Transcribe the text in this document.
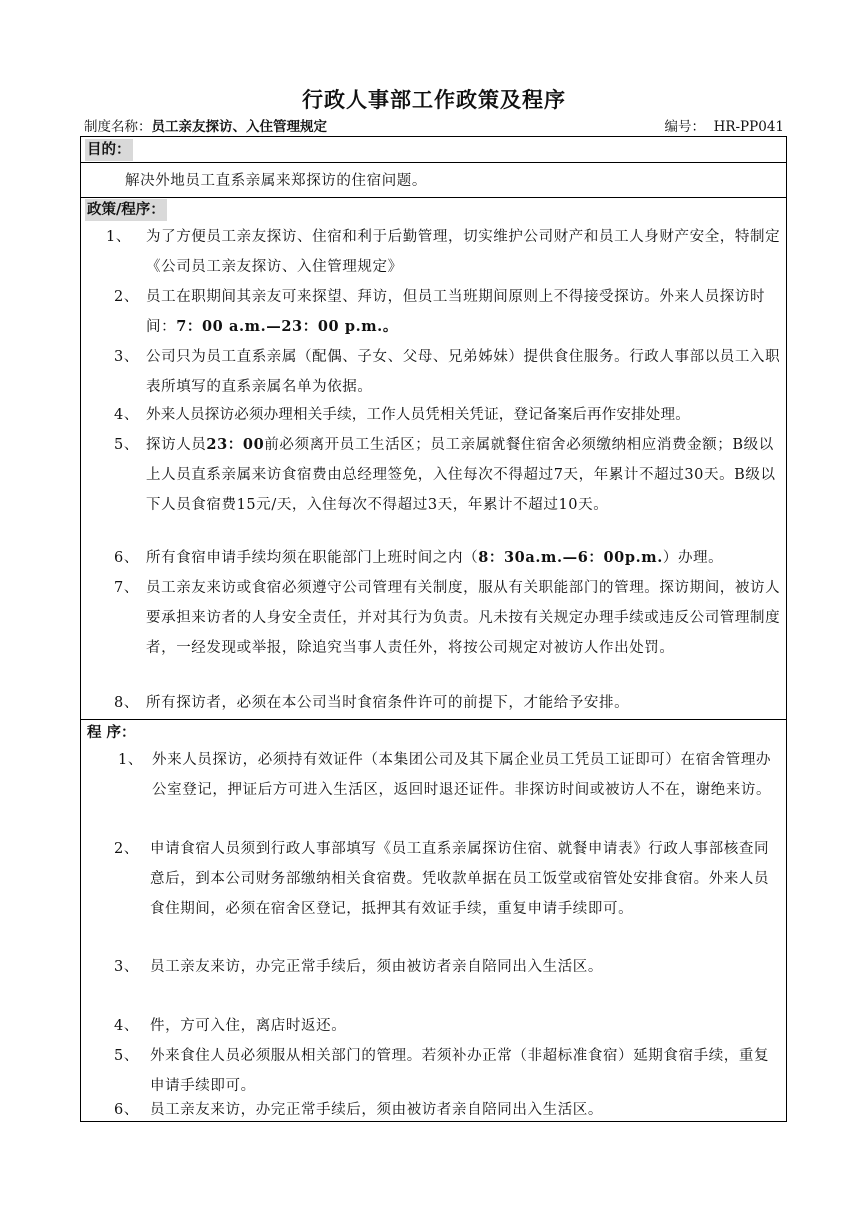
行政人事部工作政策及程序
制度名称：员工亲友探访、入住管理规定	编号： HR-PP041
目的：
解决外地员工直系亲属来郑探访的住宿问题。
政策/程序：
1、	为了方便员工亲友探访、住宿和利于后勤管理，切实维护公司财产和员工人身财产安全，特制定《公司员工亲友探访、入住管理规定》
2、 员工在职期间其亲友可来探望、拜访，但员工当班期间原则上不得接受探访。外来人员探访时间：7：00 a.m.—23：00 p.m.。
3、 公司只为员工直系亲属（配偶、子女、父母、兄弟姊妹）提供食住服务。行政人事部以员工入职表所填写的直系亲属名单为依据。
4、 外来人员探访必须办理相关手续，工作人员凭相关凭证，登记备案后再作安排处理。
5、 探访人员23：00前必须离开员工生活区；员工亲属就餐住宿舍必须缴纳相应消费金额；B级以上人员直系亲属来访食宿费由总经理签免，入住每次不得超过7天，年累计不超过30天。B级以下人员食宿费15元/天，入住每次不得超过3天，年累计不超过10天。
6、 所有食宿申请手续均须在职能部门上班时间之内（8：30a.m.—6：00p.m.）办理。
7、 员工亲友来访或食宿必须遵守公司管理有关制度，服从有关职能部门的管理。探访期间，被访人要承担来访者的人身安全责任，并对其行为负责。凡未按有关规定办理手续或违反公司管理制度者，一经发现或举报，除追究当事人责任外，将按公司规定对被访人作出处罚。
8、 所有探访者，必须在本公司当时食宿条件许可的前提下，才能给予安排。
程 序：
1、 外来人员探访，必须持有效证件（本集团公司及其下属企业员工凭员工证即可）在宿舍管理办公室登记，押证后方可进入生活区，返回时退还证件。非探访时间或被访人不在，谢绝来访。
2、 申请食宿人员须到行政人事部填写《员工直系亲属探访住宿、就餐申请表》行政人事部核查同意后，到本公司财务部缴纳相关食宿费。凭收款单据在员工饭堂或宿管处安排食宿。外来人员食住期间，必须在宿舍区登记，抵押其有效证手续，重复申请手续即可。
3、 员工亲友来访，办完正常手续后，须由被访者亲自陪同出入生活区。
4、 件，方可入住，离店时返还。
5、 外来食住人员必须服从相关部门的管理。若须补办正常（非超标准食宿）延期食宿手续，重复申请手续即可。
6、 员工亲友来访，办完正常手续后，须由被访者亲自陪同出入生活区。
